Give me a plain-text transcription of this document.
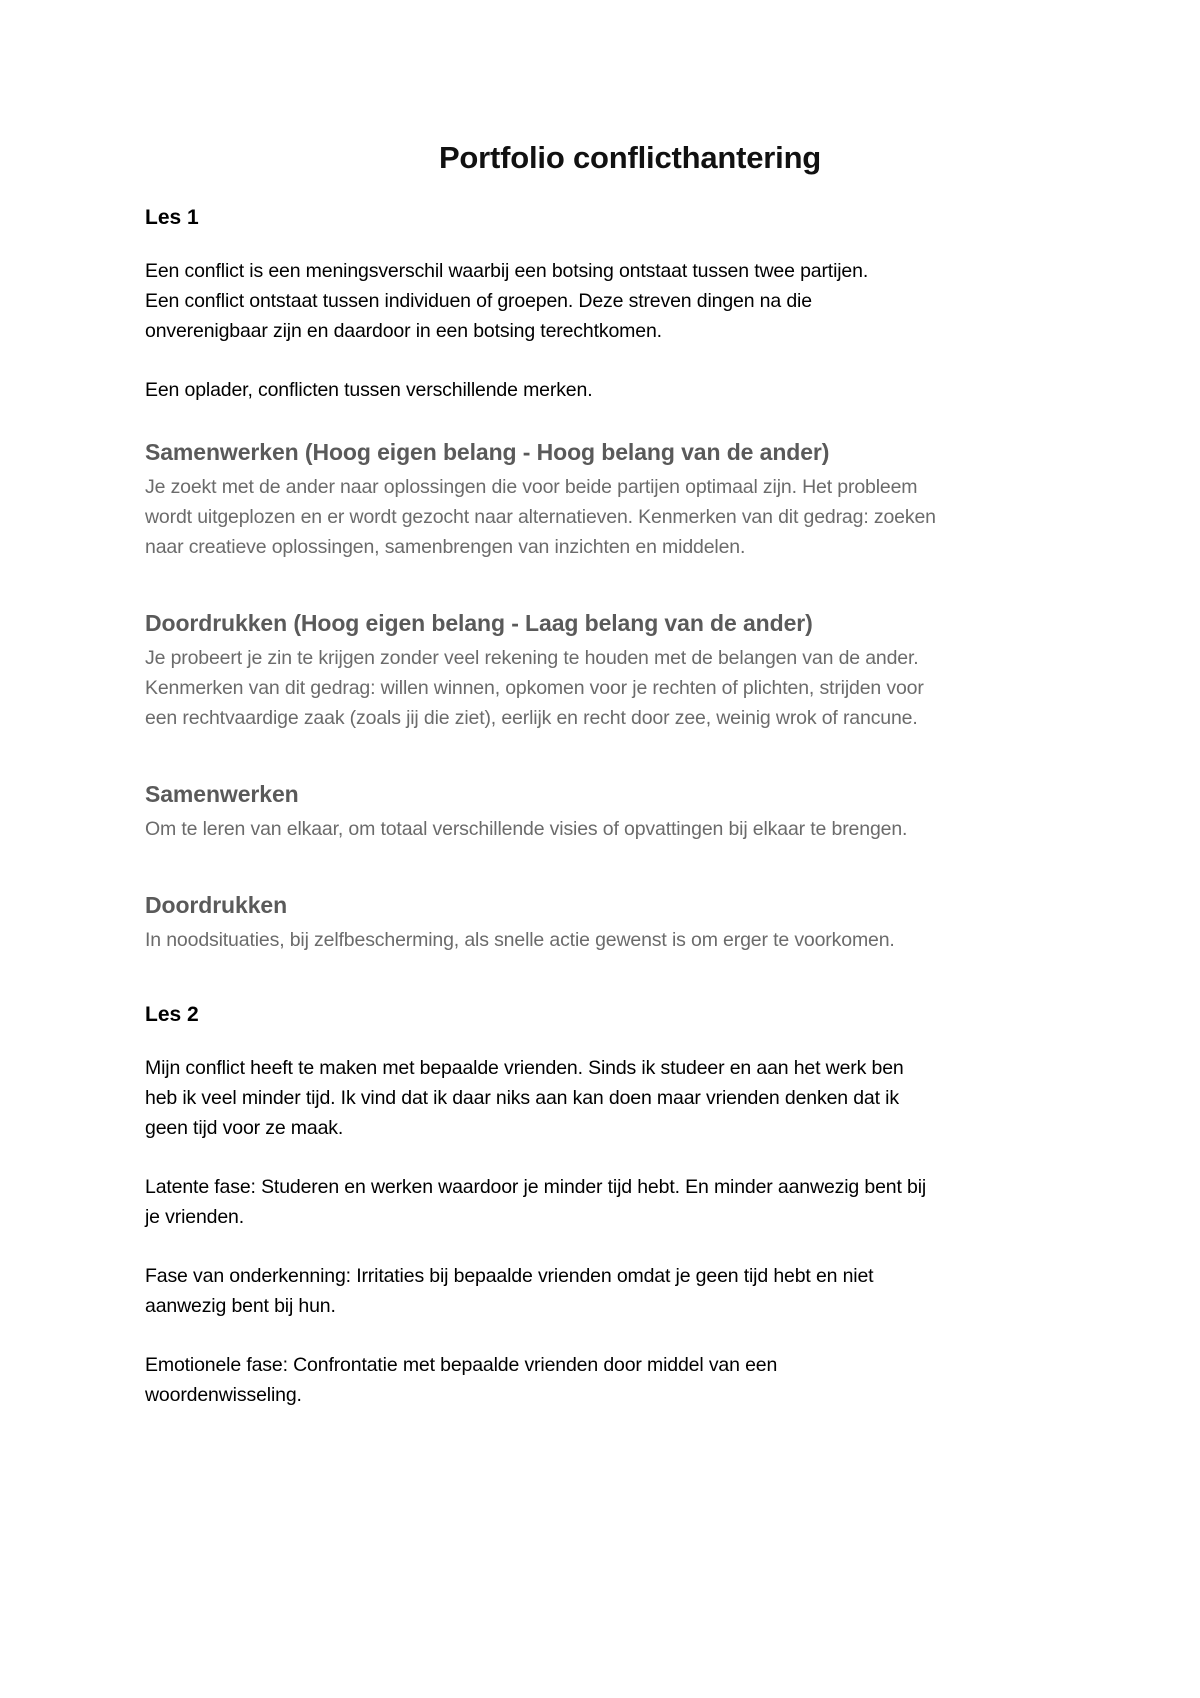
Portfolio conflicthantering
Les 1

Een conflict is een meningsverschil waarbij een botsing ontstaat tussen twee partijen.
Een conflict ontstaat tussen individuen of groepen. Deze streven dingen na die
onverenigbaar zijn en daardoor in een botsing terechtkomen.

Een oplader, conflicten tussen verschillende merken.

Samenwerken (Hoog eigen belang - Hoog belang van de ander)

Je zoekt met de ander naar oplossingen die voor beide partijen optimaal zijn. Het probleem
wordt uitgeplozen en er wordt gezocht naar alternatieven. Kenmerken van dit gedrag: zoeken
naar creatieve oplossingen, samenbrengen van inzichten en middelen.

Doordrukken (Hoog eigen belang - Laag belang van de ander)

Je probeert je zin te krijgen zonder veel rekening te houden met de belangen van de ander.
Kenmerken van dit gedrag: willen winnen, opkomen voor je rechten of plichten, strijden voor
een rechtvaardige zaak (zoals jij die ziet), eerlijk en recht door zee, weinig wrok of rancune.

Samenwerken

Om te leren van elkaar, om totaal verschillende visies of opvattingen bij elkaar te brengen.

Doordrukken

In noodsituaties, bij zelfbescherming, als snelle actie gewenst is om erger te voorkomen.

Les 2

Mijn conflict heeft te maken met bepaalde vrienden. Sinds ik studeer en aan het werk ben
heb ik veel minder tijd. Ik vind dat ik daar niks aan kan doen maar vrienden denken dat ik
geen tijd voor ze maak.

Latente fase: Studeren en werken waardoor je minder tijd hebt. En minder aanwezig bent bij
je vrienden.

Fase van onderkenning: Irritaties bij bepaalde vrienden omdat je geen tijd hebt en niet
aanwezig bent bij hun.

Emotionele fase: Confrontatie met bepaalde vrienden door middel van een
woordenwisseling.
